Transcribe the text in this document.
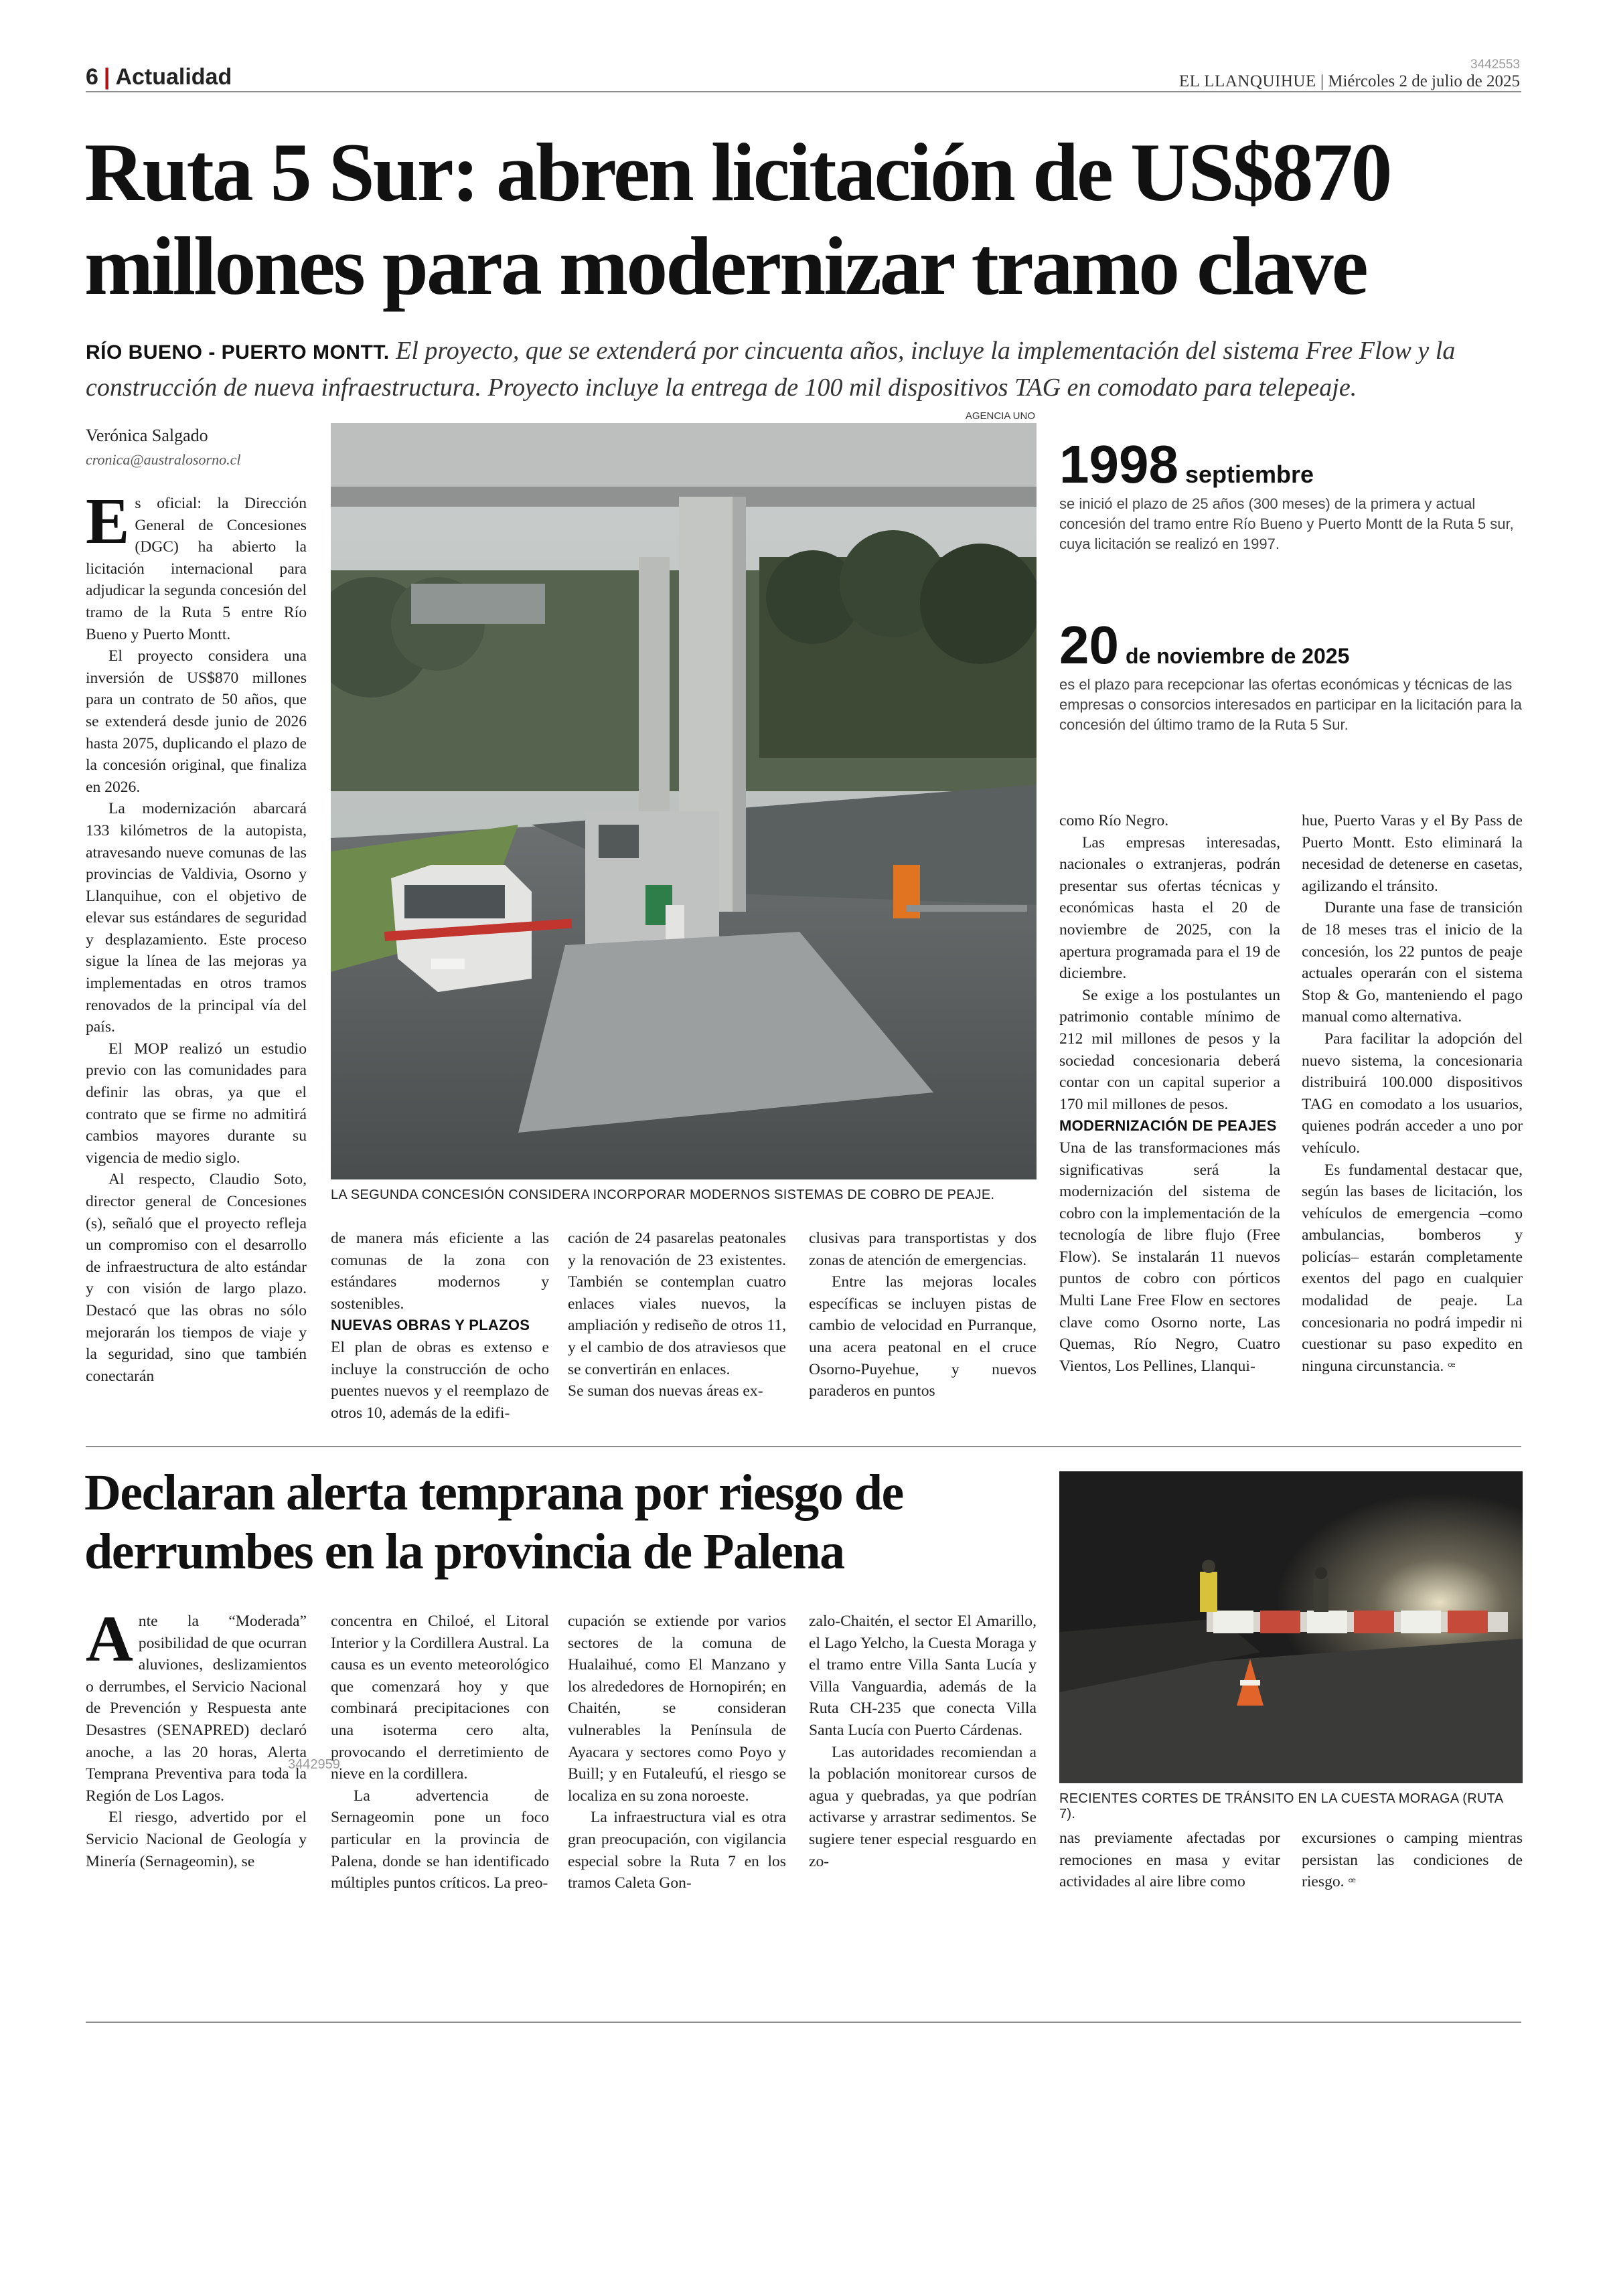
6 | Actualidad	3442553
EL LLANQUIHUE | Miércoles 2 de julio de 2025
Ruta 5 Sur: abren licitación de US$870 millones para modernizar tramo clave
RÍO BUENO - PUERTO MONTT. El proyecto, que se extenderá por cincuenta años, incluye la implementación del sistema Free Flow y la construcción de nueva infraestructura. Proyecto incluye la entrega de 100 mil dispositivos TAG en comodato para telepeaje.
Verónica Salgado
cronica@australosorno.cl

Es oficial: la Dirección General de Concesiones (DGC) ha abierto la licitación internacional para adjudicar la segunda concesión del tramo de la Ruta 5 entre Río Bueno y Puerto Montt.

El proyecto considera una inversión de US$870 millones para un contrato de 50 años, que se extenderá desde junio de 2026 hasta 2075, duplicando el plazo de la concesión original, que finaliza en 2026.

La modernización abarcará 133 kilómetros de la autopista, atravesando nueve comunas de las provincias de Valdivia, Osorno y Llanquihue, con el objetivo de elevar sus estándares de seguridad y desplazamiento. Este proceso sigue la línea de las mejoras ya implementadas en otros tramos renovados de la principal vía del país.

El MOP realizó un estudio previo con las comunidades para definir las obras, ya que el contrato que se firme no admitirá cambios mayores durante su vigencia de medio siglo.

Al respecto, Claudio Soto, director general de Concesiones (s), señaló que el proyecto refleja un compromiso con el desarrollo de infraestructura de alto estándar y con visión de largo plazo. Destacó que las obras no sólo mejorarán los tiempos de viaje y la seguridad, sino que también conectarán

AGENCIA UNO
LA SEGUNDA CONCESIÓN CONSIDERA INCORPORAR MODERNOS SISTEMAS DE COBRO DE PEAJE.
1998 septiembre
se inició el plazo de 25 años (300 meses) de la primera y actual concesión del tramo entre Río Bueno y Puerto Montt de la Ruta 5 sur, cuya licitación se realizó en 1997.
20 de noviembre de 2025
es el plazo para recepcionar las ofertas económicas y técnicas de las empresas o consorcios interesados en participar en la licitación para la concesión del último tramo de la Ruta 5 Sur.

de manera más eficiente a las comunas de la zona con estándares modernos y sostenibles.

NUEVAS OBRAS Y PLAZOS

El plan de obras es extenso e incluye la construcción de ocho puentes nuevos y el reemplazo de otros 10, además de la edifi-

cación de 24 pasarelas peatonales y la renovación de 23 existentes. También se contemplan cuatro enlaces viales nuevos, la ampliación y rediseño de otros 11, y el cambio de dos atraviesos que se convertirán en enlaces.

Se suman dos nuevas áreas ex-

clusivas para transportistas y dos zonas de atención de emergencias.

Entre las mejoras locales específicas se incluyen pistas de cambio de velocidad en Purranque, una acera peatonal en el cruce Osorno-Puyehue, y nuevos paraderos en puntos

como Río Negro.

Las empresas interesadas, nacionales o extranjeras, podrán presentar sus ofertas técnicas y económicas hasta el 20 de noviembre de 2025, con la apertura programada para el 19 de diciembre.

Se exige a los postulantes un patrimonio contable mínimo de 212 mil millones de pesos y la sociedad concesionaria deberá contar con un capital superior a 170 mil millones de pesos.

MODERNIZACIÓN DE PEAJES

Una de las transformaciones más significativas será la modernización del sistema de cobro con la implementación de la tecnología de libre flujo (Free Flow). Se instalarán 11 nuevos puntos de cobro con pórticos Multi Lane Free Flow en sectores clave como Osorno norte, Las Quemas, Río Negro, Cuatro Vientos, Los Pellines, Llanqui-

hue, Puerto Varas y el By Pass de Puerto Montt. Esto eliminará la necesidad de detenerse en casetas, agilizando el tránsito.

Durante una fase de transición de 18 meses tras el inicio de la concesión, los 22 puntos de peaje actuales operarán con el sistema Stop & Go, manteniendo el pago manual como alternativa.

Para facilitar la adopción del nuevo sistema, la concesionaria distribuirá 100.000 dispositivos TAG en comodato a los usuarios, quienes podrán acceder a uno por vehículo.

Es fundamental destacar que, según las bases de licitación, los vehículos de emergencia –como ambulancias, bomberos y policías– estarán completamente exentos del pago en cualquier modalidad de peaje. La concesionaria no podrá impedir ni cuestionar su paso expedito en ninguna circunstancia. ꟹ

Declaran alerta temprana por riesgo de derrumbes en la provincia de Palena

Ante la “Moderada” posibilidad de que ocurran aluviones, deslizamientos o derrumbes, el Servicio Nacional de Prevención y Respuesta ante Desastres (SENAPRED) declaró anoche, a las 20 horas, Alerta Temprana Preventiva para toda la Región de Los Lagos.

El riesgo, advertido por el Servicio Nacional de Geología y Minería (Sernageomin), se

concentra en Chiloé, el Litoral Interior y la Cordillera Austral. La causa es un evento meteorológico que comenzará hoy y que combinará precipitaciones con una isoterma cero alta, provocando el derretimiento de nieve en la cordillera.

La advertencia de Sernageomin pone un foco particular en la provincia de Palena, donde se han identificado múltiples puntos críticos. La preo-

3442959

cupación se extiende por varios sectores de la comuna de Hualaihué, como El Manzano y los alrededores de Hornopirén; en Chaitén, se consideran vulnerables la Península de Ayacara y sectores como Poyo y Buill; y en Futaleufú, el riesgo se localiza en su zona noroeste.

La infraestructura vial es otra gran preocupación, con vigilancia especial sobre la Ruta 7 en los tramos Caleta Gon-

zalo-Chaitén, el sector El Amarillo, el Lago Yelcho, la Cuesta Moraga y el tramo entre Villa Santa Lucía y Villa Vanguardia, además de la Ruta CH-235 que conecta Villa Santa Lucía con Puerto Cárdenas.

Las autoridades recomiendan a la población monitorear cursos de agua y quebradas, ya que podrían activarse y arrastrar sedimentos. Se sugiere tener especial resguardo en zo-

RECIENTES CORTES DE TRÁNSITO EN LA CUESTA MORAGA (RUTA 7).

nas previamente afectadas por remociones en masa y evitar actividades al aire libre como

excursiones o camping mientras persistan las condiciones de riesgo. ꟹ
